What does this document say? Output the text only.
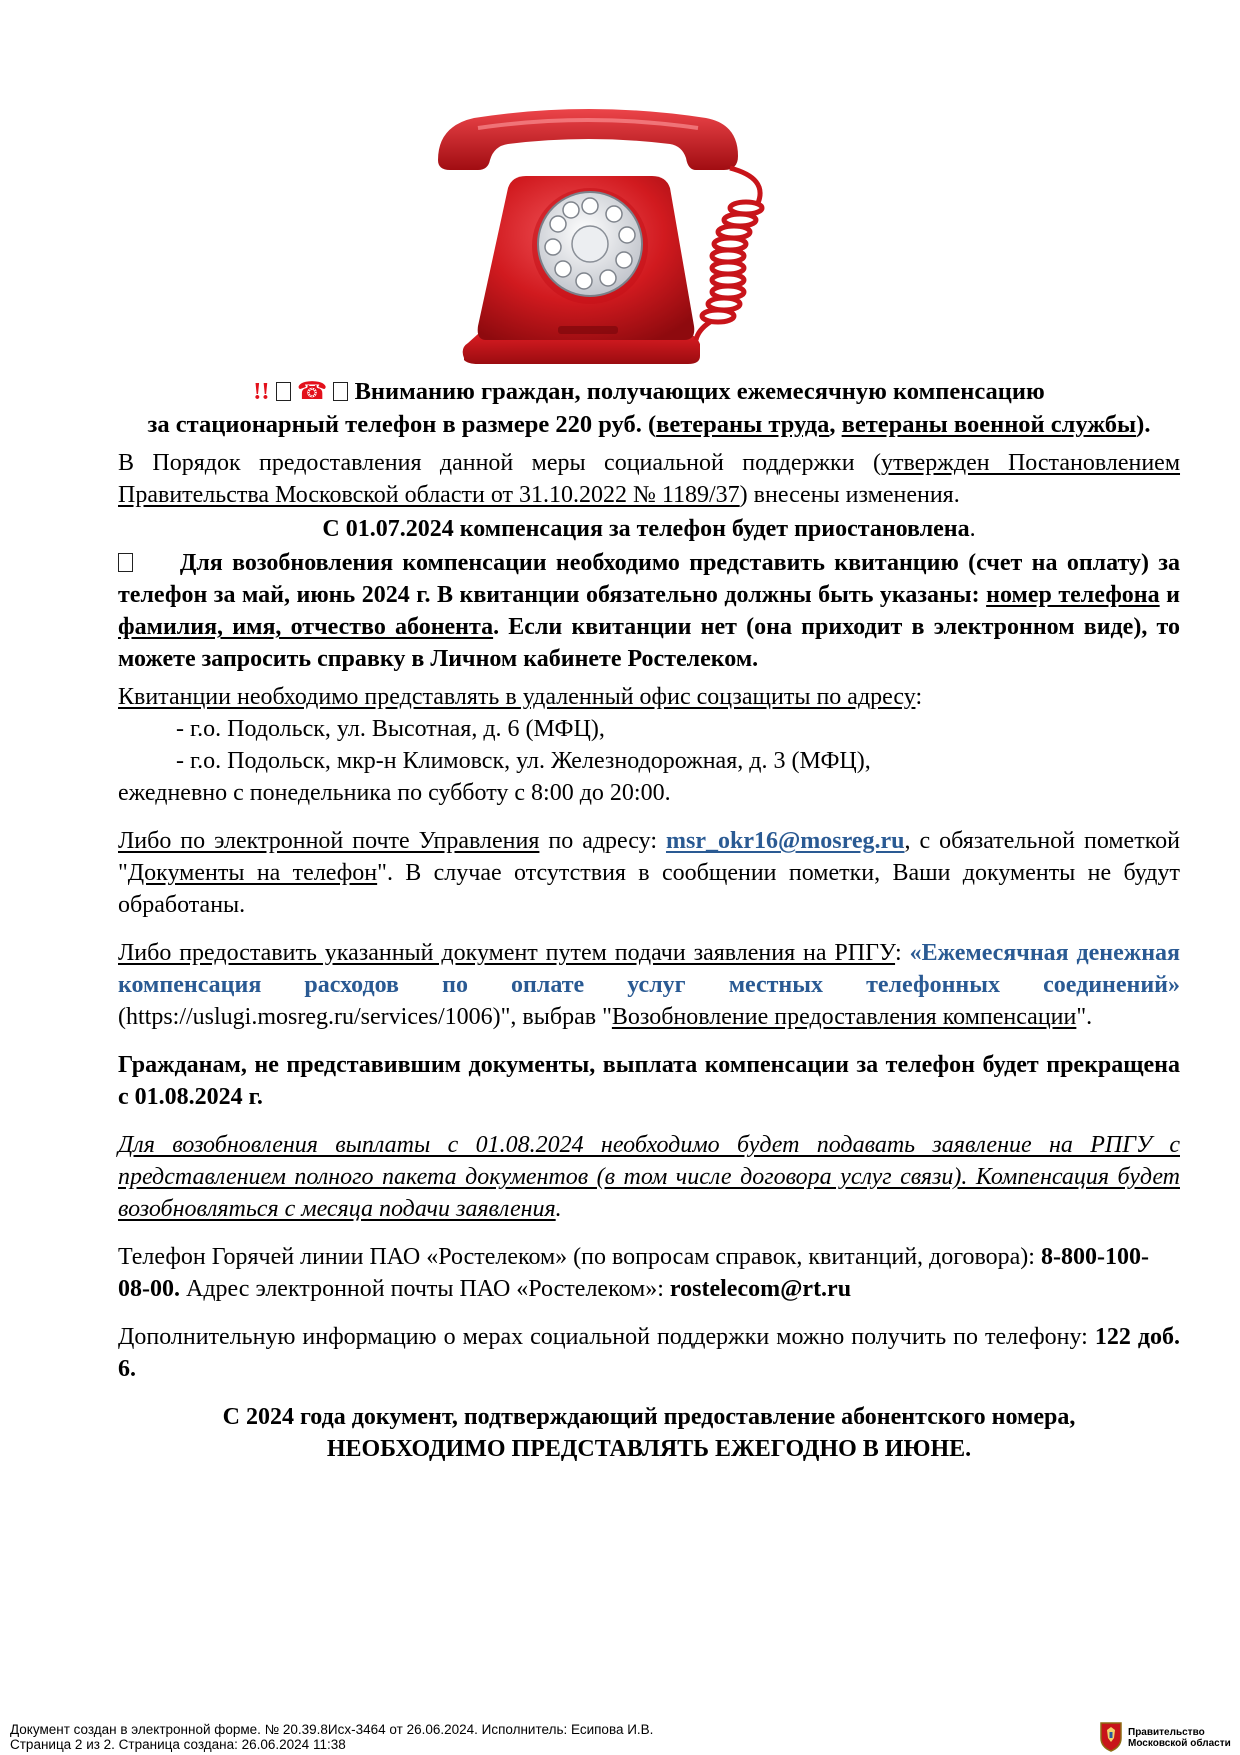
!! ☎ Вниманию граждан, получающих ежемесячную компенсацию
за стационарный телефон в размере 220 руб. (ветераны труда, ветераны военной службы).

В Порядок предоставления данной меры социальной поддержки (утвержден Постановлением Правительства Московской области от 31.10.2022 № 1189/37) внесены изменения.

С 01.07.2024 компенсация за телефон будет приостановлена.

Для возобновления компенсации необходимо представить квитанцию (счет на оплату) за телефон за май, июнь 2024 г. В квитанции обязательно должны быть указаны: номер телефона и фамилия, имя, отчество абонента. Если квитанции нет (она приходит в электронном виде), то можете запросить справку в Личном кабинете Ростелеком.

Квитанции необходимо представлять в удаленный офис соцзащиты по адресу:

- г.о. Подольск, ул. Высотная, д. 6 (МФЦ),

- г.о. Подольск, мкр-н Климовск, ул. Железнодорожная, д. 3 (МФЦ),

ежедневно с понедельника по субботу с 8:00 до 20:00.

Либо по электронной почте Управления по адресу: msr_okr16@mosreg.ru, с обязательной пометкой "Документы на телефон". В случае отсутствия в сообщении пометки, Ваши документы не будут обработаны.

Либо предоставить указанный документ путем подачи заявления на РПГУ: «Ежемесячная денежная компенсация расходов по оплате услуг местных телефонных соединений» (https://uslugi.mosreg.ru/services/1006)", выбрав "Возобновление предоставления компенсации".

Гражданам, не представившим документы, выплата компенсации за телефон будет прекращена с 01.08.2024 г.

Для возобновления выплаты с 01.08.2024 необходимо будет подавать заявление на РПГУ с представлением полного пакета документов (в том числе договора услуг связи). Компенсация будет возобновляться с месяца подачи заявления.

Телефон Горячей линии ПАО «Ростелеком» (по вопросам справок, квитанций, договора): 8-800-100-08-00. Адрес электронной почты ПАО «Ростелеком»: rostelecom@rt.ru

Дополнительную информацию о мерах социальной поддержки можно получить по телефону: 122 доб. 6.

С 2024 года документ, подтверждающий предоставление абонентского номера,

НЕОБХОДИМО ПРЕДСТАВЛЯТЬ ЕЖЕГОДНО В ИЮНЕ.

Документ создан в электронной форме. № 20.39.8Исх-3464 от 26.06.2024. Исполнитель: Есипова И.В.
Страница 2 из 2. Страница создана: 26.06.2024 11:38
Правительство
Московской области
